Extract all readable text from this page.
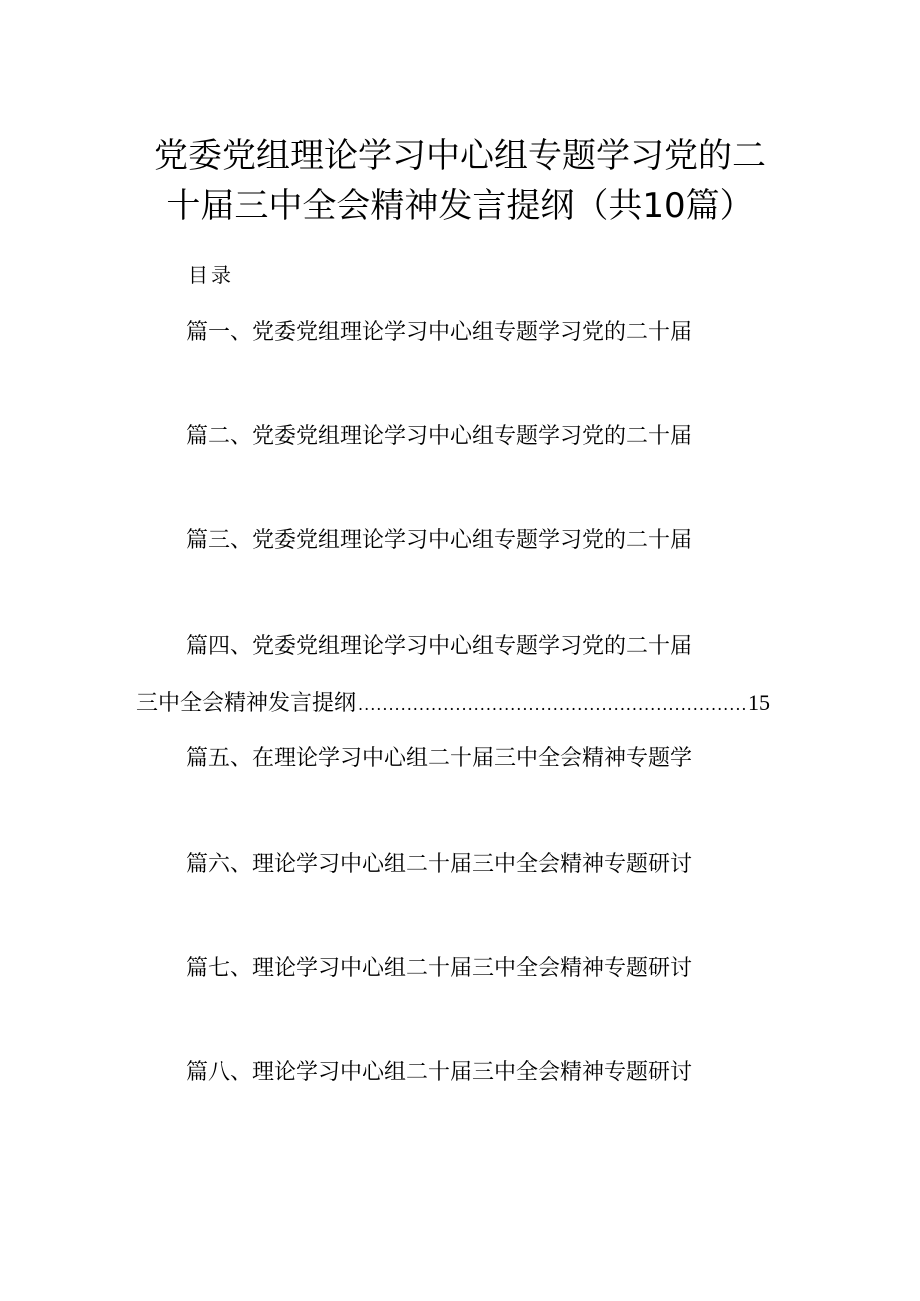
党委党组理论学习中心组专题学习党的二
十届三中全会精神发言提纲（共10篇）
目录
篇一、党委党组理论学习中心组专题学习党的二十届
篇二、党委党组理论学习中心组专题学习党的二十届
篇三、党委党组理论学习中心组专题学习党的二十届
篇四、党委党组理论学习中心组专题学习党的二十届
三中全会精神发言提纲
.....	15
篇五、在理论学习中心组二十届三中全会精神专题学
篇六、理论学习中心组二十届三中全会精神专题研讨
篇七、理论学习中心组二十届三中全会精神专题研讨
篇八、理论学习中心组二十届三中全会精神专题研讨
